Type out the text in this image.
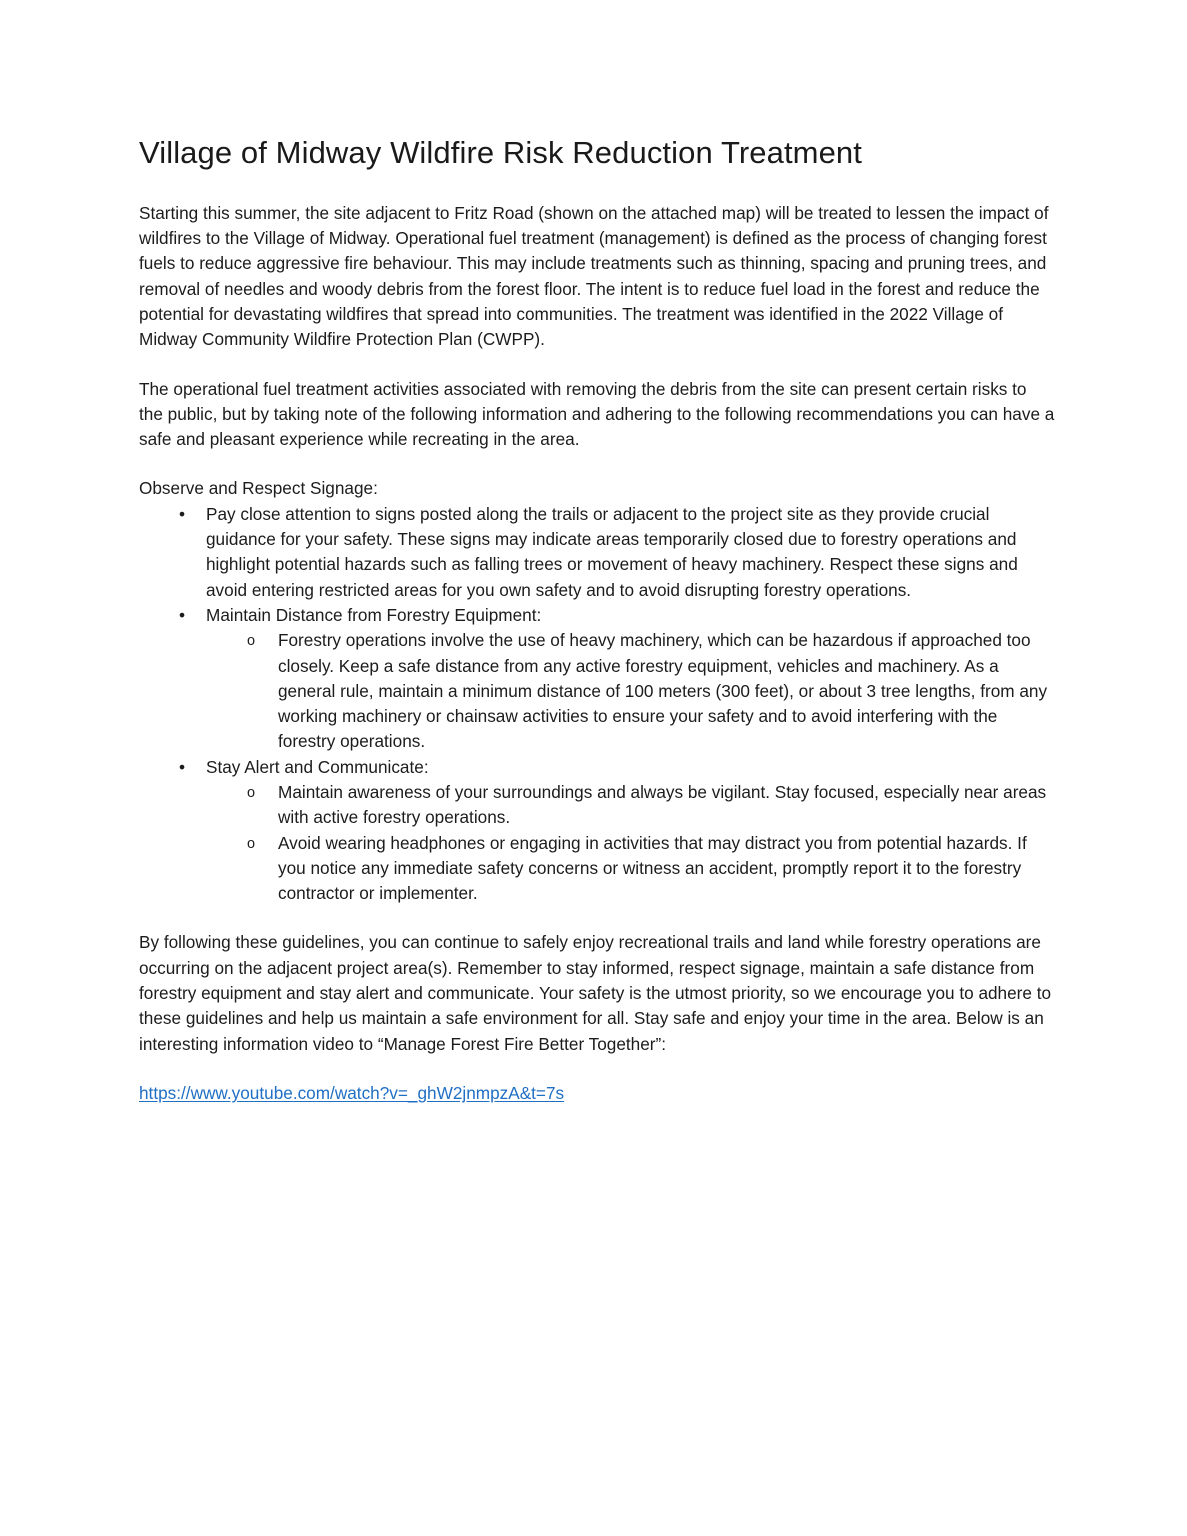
Village of Midway Wildfire Risk Reduction Treatment

Starting this summer, the site adjacent to Fritz Road (shown on the attached map) will be treated to lessen the impact of wildfires to the Village of Midway. Operational fuel treatment (management) is defined as the process of changing forest fuels to reduce aggressive fire behaviour. This may include treatments such as thinning, spacing and pruning trees, and removal of needles and woody debris from the forest floor. The intent is to reduce fuel load in the forest and reduce the potential for devastating wildfires that spread into communities. The treatment was identified in the 2022 Village of Midway Community Wildfire Protection Plan (CWPP).

The operational fuel treatment activities associated with removing the debris from the site can present certain risks to the public, but by taking note of the following information and adhering to the following recommendations you can have a safe and pleasant experience while recreating in the area.

Observe and Respect Signage:

•	Pay close attention to signs posted along the trails or adjacent to the project site as they provide crucial guidance for your safety. These signs may indicate areas temporarily closed due to forestry operations and highlight potential hazards such as falling trees or movement of heavy machinery. Respect these signs and avoid entering restricted areas for you own safety and to avoid disrupting forestry operations.
•	Maintain Distance from Forestry Equipment:
o	Forestry operations involve the use of heavy machinery, which can be hazardous if approached too closely. Keep a safe distance from any active forestry equipment, vehicles and machinery. As a general rule, maintain a minimum distance of 100 meters (300 feet), or about 3 tree lengths, from any working machinery or chainsaw activities to ensure your safety and to avoid interfering with the forestry operations.
•	Stay Alert and Communicate:
o	Maintain awareness of your surroundings and always be vigilant. Stay focused, especially near areas with active forestry operations.
o	Avoid wearing headphones or engaging in activities that may distract you from potential hazards. If you notice any immediate safety concerns or witness an accident, promptly report it to the forestry contractor or implementer.

By following these guidelines, you can continue to safely enjoy recreational trails and land while forestry operations are occurring on the adjacent project area(s). Remember to stay informed, respect signage, maintain a safe distance from forestry equipment and stay alert and communicate. Your safety is the utmost priority, so we encourage you to adhere to these guidelines and help us maintain a safe environment for all. Stay safe and enjoy your time in the area. Below is an interesting information video to “Manage Forest Fire Better Together”:

https://www.youtube.com/watch?v=_ghW2jnmpzA&t=7s
